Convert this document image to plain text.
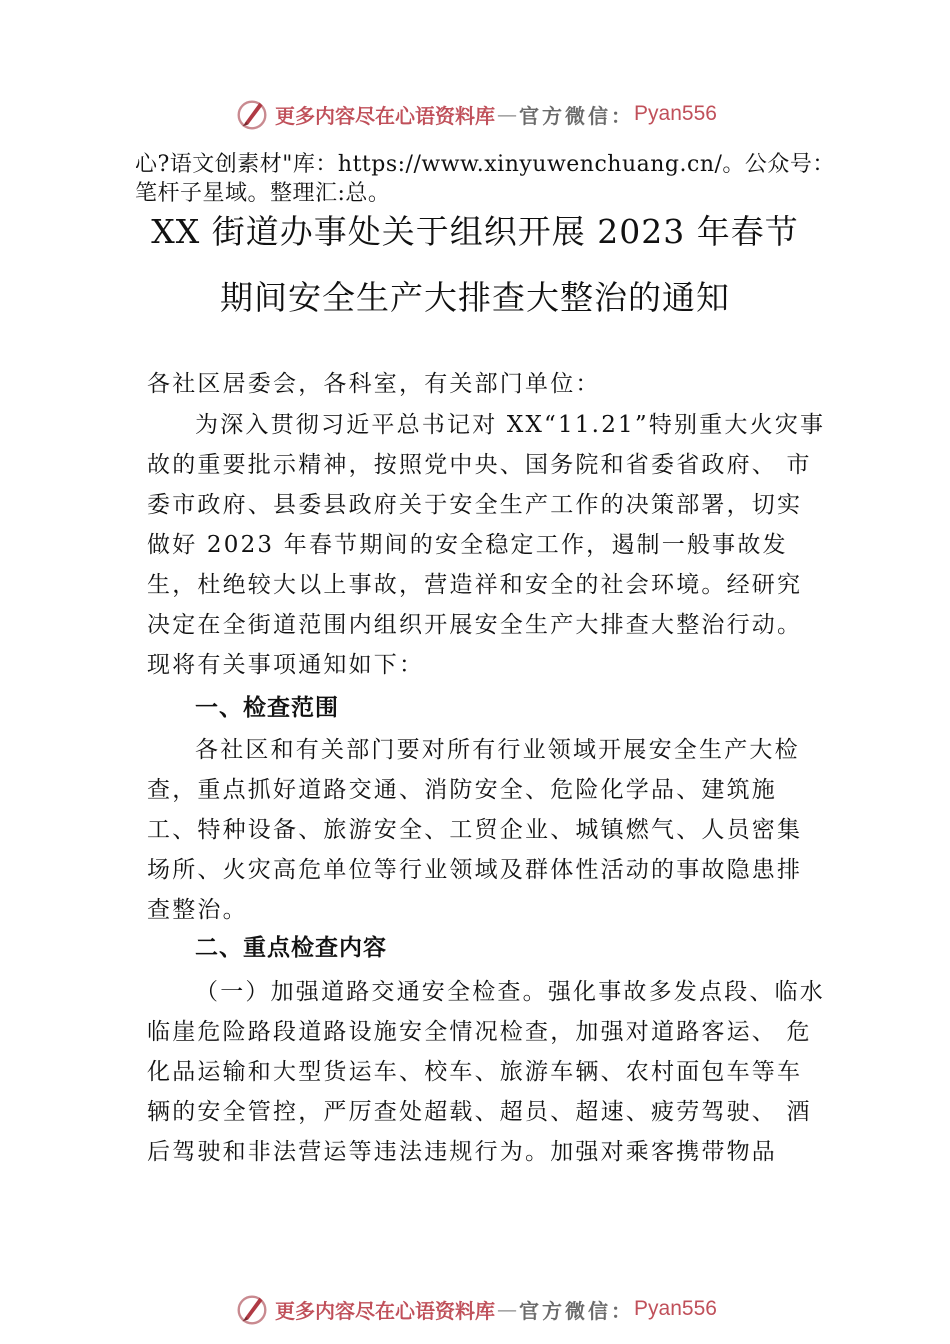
更多内容尽在心语资料库 — 官方微信： Pyan556
心?语文创素材"库：https://www.xinyuwenchuang.cn/。公众号：笔杆子星域。整理汇:总。
XX 街道办事处关于组织开展 2023 年春节
期间安全生产大排查大整治的通知
各社区居委会，各科室，有关部门单位：
为深入贯彻习近平总书记对 XX“11.21”特别重大火灾事故的重要批示精神，按照党中央、国务院和省委省政府、 市委市政府、县委县政府关于安全生产工作的决策部署，切实做好 2023 年春节期间的安全稳定工作，遏制一般事故发生，杜绝较大以上事故，营造祥和安全的社会环境。经研究决定在全街道范围内组织开展安全生产大排查大整治行动。 现将有关事项通知如下：
一、检查范围
各社区和有关部门要对所有行业领域开展安全生产大检查，重点抓好道路交通、消防安全、危险化学品、建筑施工、特种设备、旅游安全、工贸企业、城镇燃气、人员密集场所、火灾高危单位等行业领域及群体性活动的事故隐患排查整治。
二、重点检查内容
（一）加强道路交通安全检查。强化事故多发点段、临水临崖危险路段道路设施安全情况检查，加强对道路客运、 危化品运输和大型货运车、校车、旅游车辆、农村面包车等车辆的安全管控，严厉查处超载、超员、超速、疲劳驾驶、 酒后驾驶和非法营运等违法违规行为。加强对乘客携带物品
更多内容尽在心语资料库 — 官方微信： Pyan556
